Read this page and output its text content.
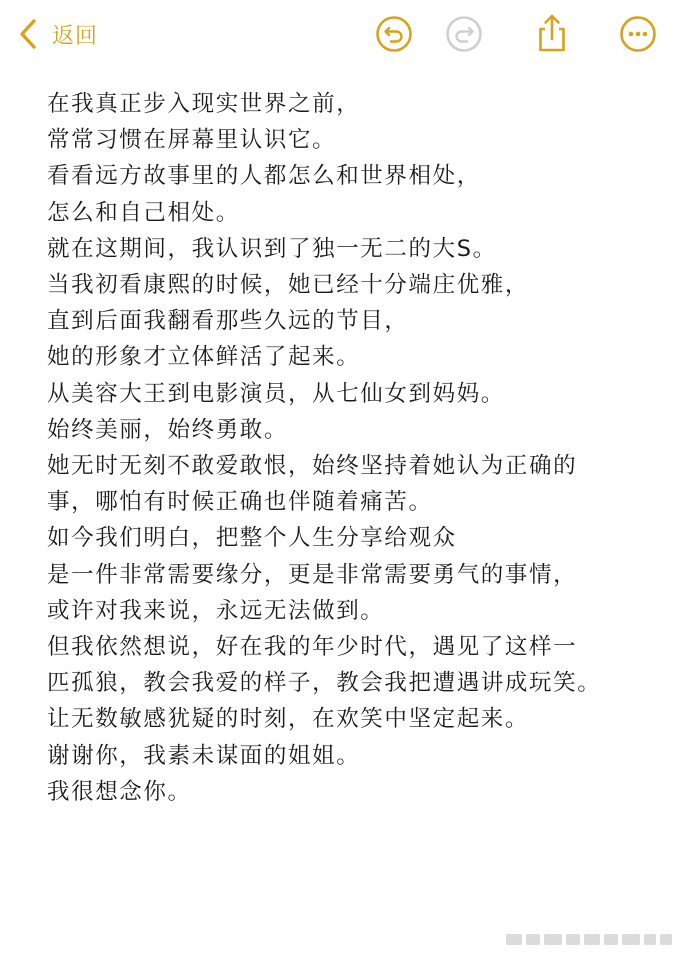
返回
在我真正步入现实世界之前，
常常习惯在屏幕里认识它。
看看远方故事里的人都怎么和世界相处，
怎么和自己相处。
就在这期间，我认识到了独一无二的大S。
当我初看康熙的时候，她已经十分端庄优雅，
直到后面我翻看那些久远的节目，
她的形象才立体鲜活了起来。
从美容大王到电影演员，从七仙女到妈妈。
始终美丽，始终勇敢。
她无时无刻不敢爱敢恨，始终坚持着她认为正确的
事，哪怕有时候正确也伴随着痛苦。
如今我们明白，把整个人生分享给观众
是一件非常需要缘分，更是非常需要勇气的事情，
或许对我来说，永远无法做到。
但我依然想说，好在我的年少时代，遇见了这样一
匹孤狼，教会我爱的样子，教会我把遭遇讲成玩笑。
让无数敏感犹疑的时刻，在欢笑中坚定起来。
谢谢你，我素未谋面的姐姐。
我很想念你。
